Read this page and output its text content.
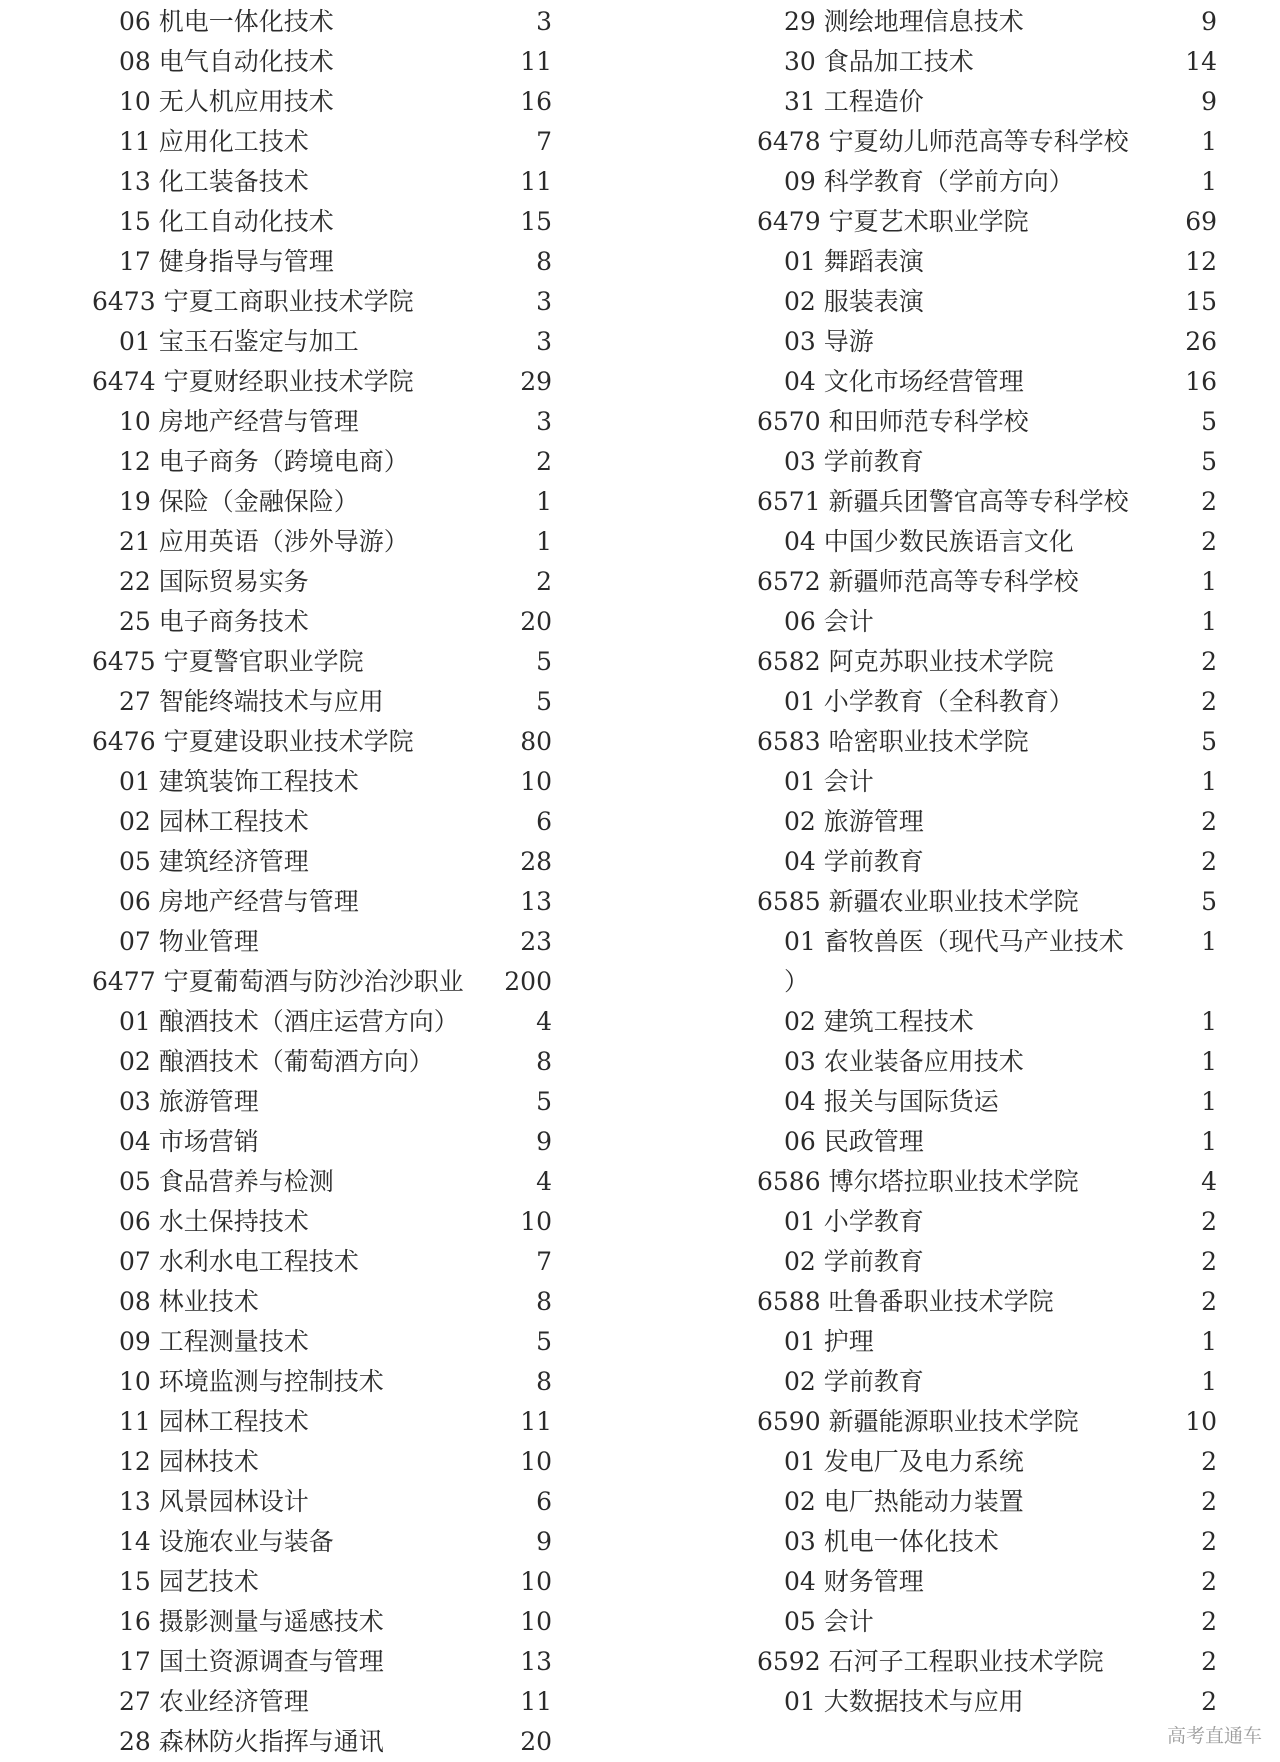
06 机电一体化技术	3
08 电气自动化技术	11
10 无人机应用技术	16
11 应用化工技术	7
13 化工装备技术	11
15 化工自动化技术	15
17 健身指导与管理	8
6473 宁夏工商职业技术学院	3
01 宝玉石鉴定与加工	3
6474 宁夏财经职业技术学院	29
10 房地产经营与管理	3
12 电子商务（跨境电商）	2
19 保险（金融保险）	1
21 应用英语（涉外导游）	1
22 国际贸易实务	2
25 电子商务技术	20
6475 宁夏警官职业学院	5
27 智能终端技术与应用	5
6476 宁夏建设职业技术学院	80
01 建筑装饰工程技术	10
02 园林工程技术	6
05 建筑经济管理	28
06 房地产经营与管理	13
07 物业管理	23
6477 宁夏葡萄酒与防沙治沙职业	200
01 酿酒技术（酒庄运营方向）	4
02 酿酒技术（葡萄酒方向）	8
03 旅游管理	5
04 市场营销	9
05 食品营养与检测	4
06 水土保持技术	10
07 水利水电工程技术	7
08 林业技术	8
09 工程测量技术	5
10 环境监测与控制技术	8
11 园林工程技术	11
12 园林技术	10
13 风景园林设计	6
14 设施农业与装备	9
15 园艺技术	10
16 摄影测量与遥感技术	10
17 国土资源调查与管理	13
27 农业经济管理	11
28 森林防火指挥与通讯	20
29 测绘地理信息技术	9
30 食品加工技术	14
31 工程造价	9
6478 宁夏幼儿师范高等专科学校	1
09 科学教育（学前方向）	1
6479 宁夏艺术职业学院	69
01 舞蹈表演	12
02 服装表演	15
03 导游	26
04 文化市场经营管理	16
6570 和田师范专科学校	5
03 学前教育	5
6571 新疆兵团警官高等专科学校	2
04 中国少数民族语言文化	2
6572 新疆师范高等专科学校	1
06 会计	1
6582 阿克苏职业技术学院	2
01 小学教育（全科教育）	2
6583 哈密职业技术学院	5
01 会计	1
02 旅游管理	2
04 学前教育	2
6585 新疆农业职业技术学院	5
01 畜牧兽医（现代马产业技术	1
）
02 建筑工程技术	1
03 农业装备应用技术	1
04 报关与国际货运	1
06 民政管理	1
6586 博尔塔拉职业技术学院	4
01 小学教育	2
02 学前教育	2
6588 吐鲁番职业技术学院	2
01 护理	1
02 学前教育	1
6590 新疆能源职业技术学院	10
01 发电厂及电力系统	2
02 电厂热能动力装置	2
03 机电一体化技术	2
04 财务管理	2
05 会计	2
6592 石河子工程职业技术学院	2
01 大数据技术与应用	2
高考直通车
